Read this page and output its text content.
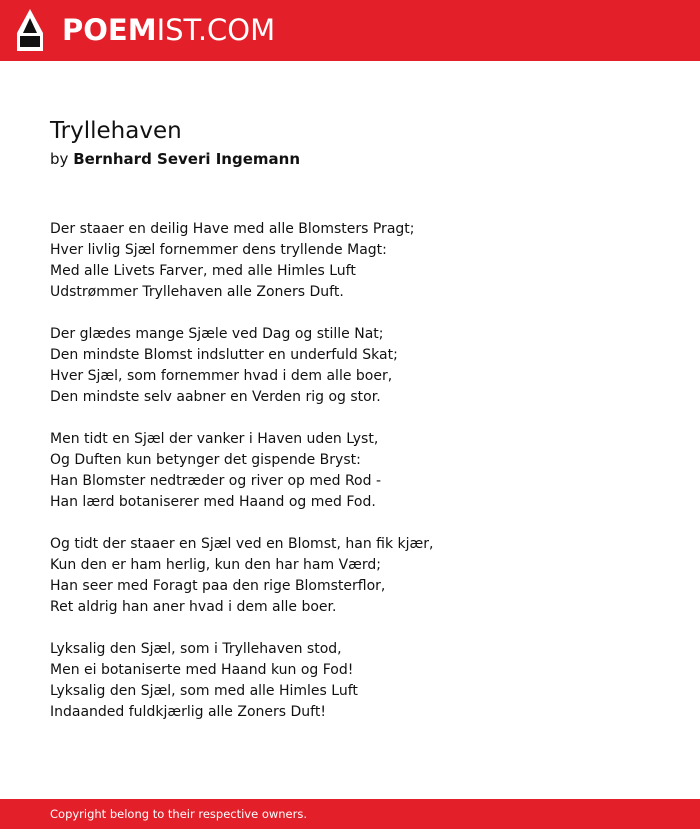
POEMIST.COM
Tryllehaven
by Bernhard Severi Ingemann
Der staaer en deilig Have med alle Blomsters Pragt;
Hver livlig Sjæl fornemmer dens tryllende Magt:
Med alle Livets Farver, med alle Himles Luft
Udstrømmer Tryllehaven alle Zoners Duft.
Der glædes mange Sjæle ved Dag og stille Nat;
Den mindste Blomst indslutter en underfuld Skat;
Hver Sjæl, som fornemmer hvad i dem alle boer,
Den mindste selv aabner en Verden rig og stor.
Men tidt en Sjæl der vanker i Haven uden Lyst,
Og Duften kun betynger det gispende Bryst:
Han Blomster nedtræder og river op med Rod -
Han lærd botaniserer med Haand og med Fod.
Og tidt der staaer en Sjæl ved en Blomst, han fik kjær,
Kun den er ham herlig, kun den har ham Værd;
Han seer med Foragt paa den rige Blomsterflor,
Ret aldrig han aner hvad i dem alle boer.
Lyksalig den Sjæl, som i Tryllehaven stod,
Men ei botaniserte med Haand kun og Fod!
Lyksalig den Sjæl, som med alle Himles Luft
Indaanded fuldkjærlig alle Zoners Duft!
Copyright belong to their respective owners.
